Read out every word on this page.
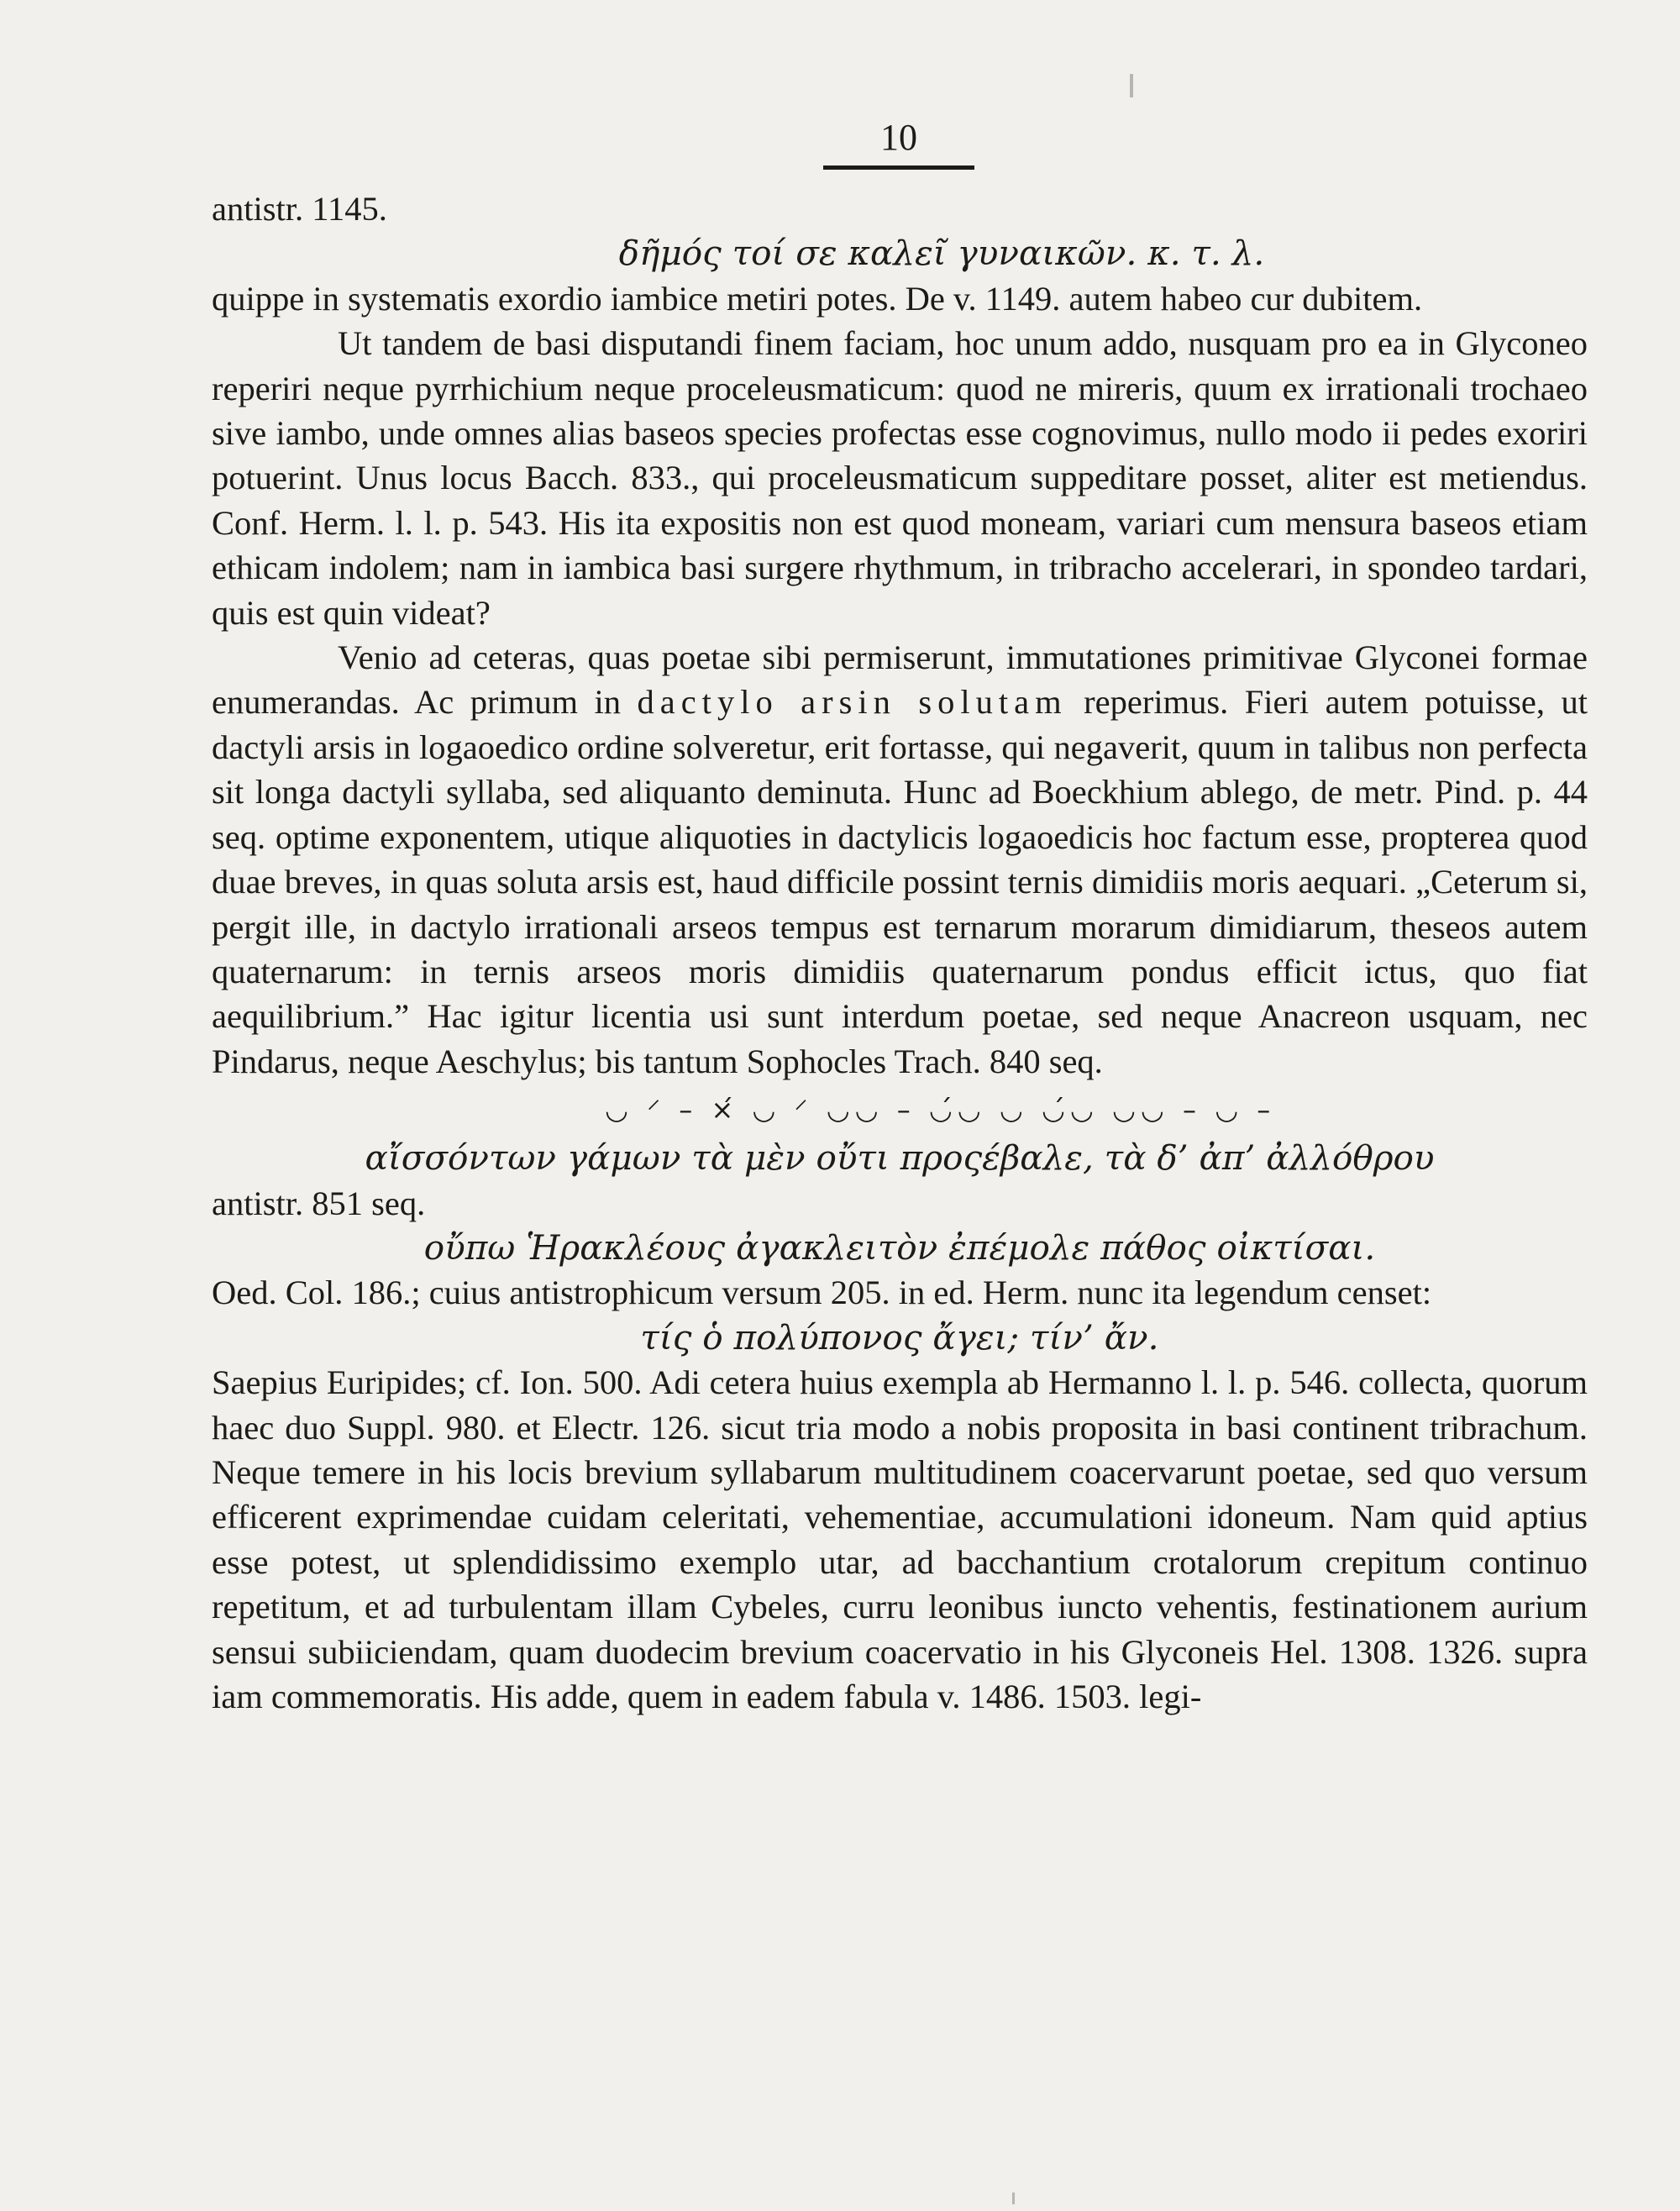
10

antistr. 1145.

δῆμός τοί σε καλεῖ γυναικῶν. κ. τ. λ.

quippe in systematis exordio iambice metiri potes. De v. 1149. autem habeo cur dubitem.

Ut tandem de basi disputandi finem faciam, hoc unum addo, nusquam pro ea in Glyconeo reperiri neque pyrrhichium neque proceleusmaticum: quod ne mireris, quum ex irrationali trochaeo sive iambo, unde omnes alias baseos species profectas esse cognovimus, nullo modo ii pedes exoriri potuerint. Unus locus Bacch. 833., qui proceleusmaticum suppeditare posset, aliter est metiendus. Conf. Herm. l. l. p. 543. His ita expositis non est quod moneam, variari cum mensura baseos etiam ethicam indolem; nam in iambica basi surgere rhythmum, in tribracho accelerari, in spondeo tardari, quis est quin videat?

Venio ad ceteras, quas poetae sibi permiserunt, immutationes primitivae Glyconei formae enumerandas. Ac primum in dactylo arsin solutam reperimus. Fieri autem potuisse, ut dactyli arsis in logaoedico ordine solveretur, erit fortasse, qui negaverit, quum in talibus non perfecta sit longa dactyli syllaba, sed aliquanto deminuta. Hunc ad Boeckhium ablego, de metr. Pind. p. 44 seq. optime exponentem, utique aliquoties in dactylicis logaoedicis hoc factum esse, propterea quod duae breves, in quas soluta arsis est, haud difficile possint ternis dimidiis moris aequari. „Ceterum si, pergit ille, in dactylo irrationali arseos tempus est ternarum morarum dimidiarum, theseos autem quaternarum: in ternis arseos moris dimidiis quaternarum pondus efficit ictus, quo fiat aequilibrium.” Hac igitur licentia usi sunt interdum poetae, sed neque Anacreon usquam, nec Pindarus, neque Aeschylus; bis tantum Sophocles Trach. 840 seq.

◡ ⸍ – ×́ ◡ ⸍ ◡◡ – ◡́◡ ◡ ◡́◡ ◡◡ – ◡ –

αἴσσόντων γάμων τὰ μὲν οὔτι προςέβαλε, τὰ δ’ ἀπ’ ἀλλόθρου

antistr. 851 seq.

οὔπω Ἡρακλέους ἀγακλειτὸν ἐπέμολε πάθος οἰκτίσαι.

Oed. Col. 186.; cuius antistrophicum versum 205. in ed. Herm. nunc ita legendum censet:

τίς ὁ πολύπονος ἄγει; τίν’ ἄν.

Saepius Euripides; cf. Ion. 500. Adi cetera huius exempla ab Hermanno l. l. p. 546. collecta, quorum haec duo Suppl. 980. et Electr. 126. sicut tria modo a nobis proposita in basi continent tribrachum. Neque temere in his locis brevium syllabarum multitudinem coacervarunt poetae, sed quo versum efficerent exprimendae cuidam celeritati, vehementiae, accumulationi idoneum. Nam quid aptius esse potest, ut splendidissimo exemplo utar, ad bacchantium crotalorum crepitum continuo repetitum, et ad turbulentam illam Cybeles, curru leonibus iuncto vehentis, festinationem aurium sensui subiiciendam, quam duodecim brevium coacervatio in his Glyconeis Hel. 1308. 1326. supra iam commemoratis. His adde, quem in eadem fabula v. 1486. 1503. legi-
